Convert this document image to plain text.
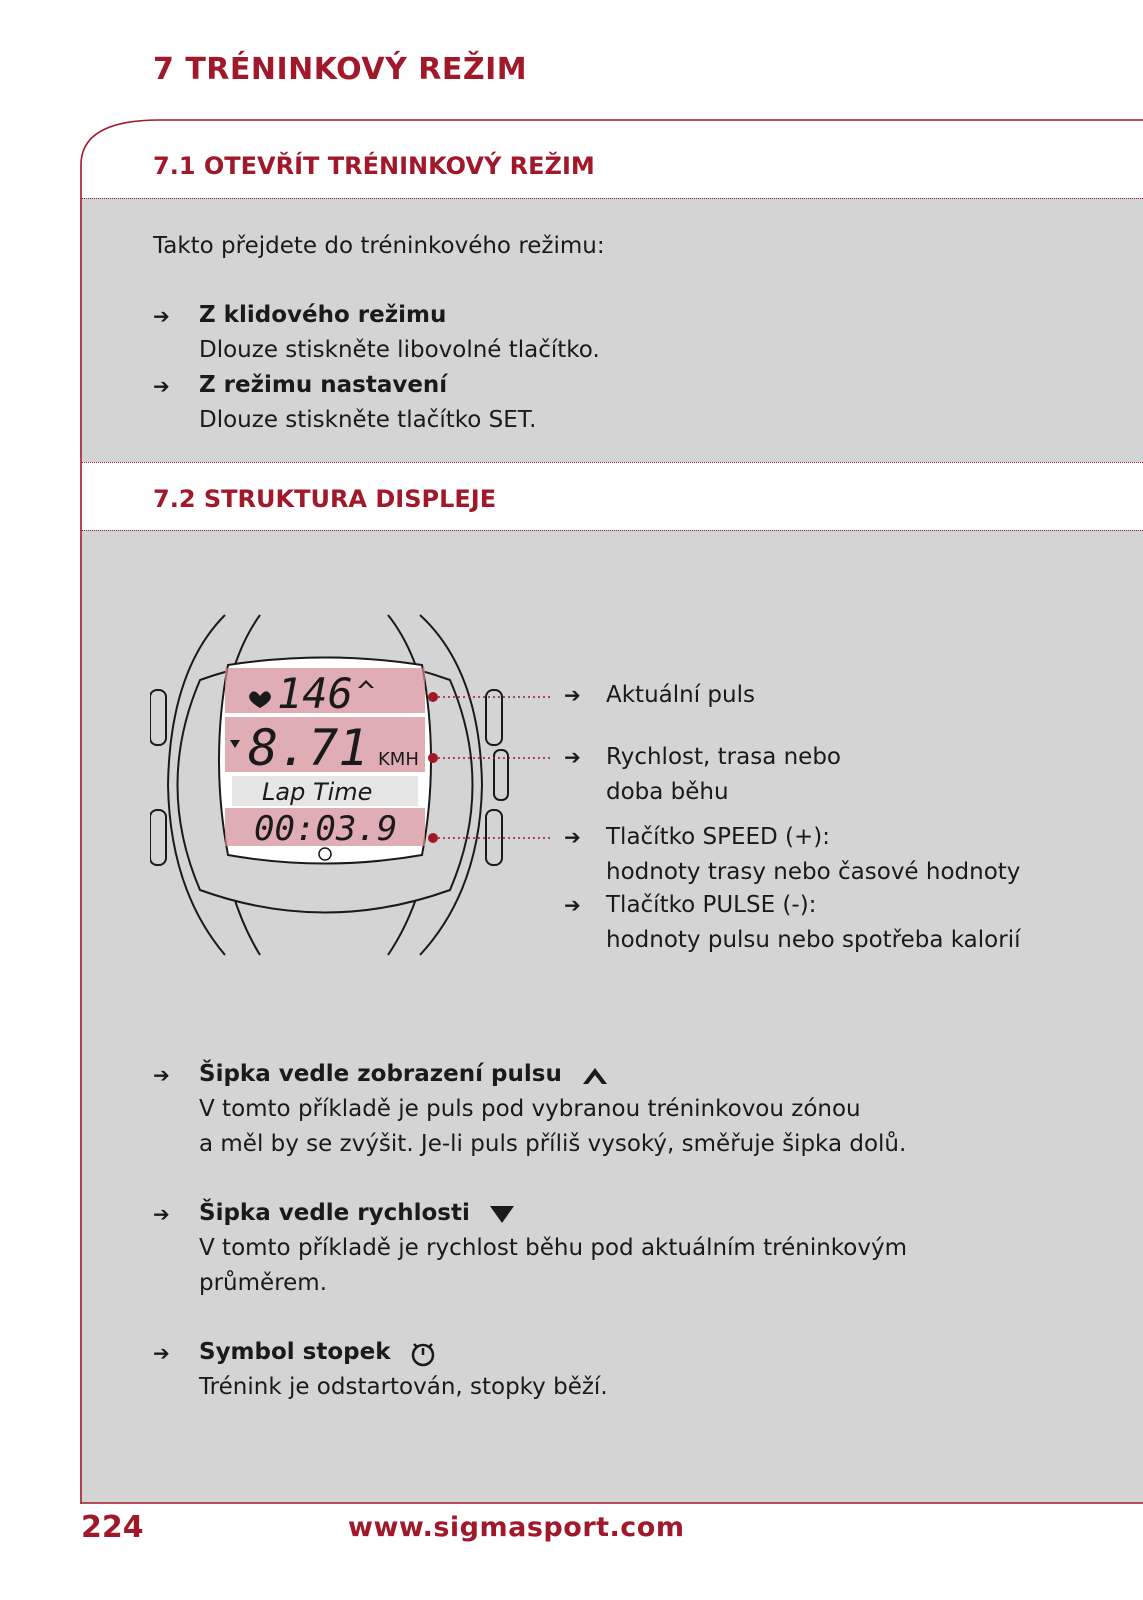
7 TRÉNINKOVÝ REŽIM
7.1 OTEVŘÍT TRÉNINKOVÝ REŽIM

Takto přejdete do tréninkového režimu:

➔ Z klidového režimu
Dlouze stiskněte libovolné tlačítko.
➔ Z režimu nastavení
Dlouze stiskněte tlačítko SET.
7.2 STRUKTURA DISPLEJE
146
8.71 KMH
Lap Time
00:03.9
➔ Aktuální puls
➔ Rychlost, trasa nebo
doba běhu
➔ Tlačítko SPEED (+):
hodnoty trasy nebo časové hodnoty
➔ Tlačítko PULSE (-):
hodnoty pulsu nebo spotřeba kalorií
➔ Šipka vedle zobrazení pulsu
V tomto příkladě je puls pod vybranou tréninkovou zónou
a měl by se zvýšit. Je-li puls příliš vysoký, směřuje šipka dolů.
➔ Šipka vedle rychlosti
V tomto příkladě je rychlost běhu pod aktuálním tréninkovým
průměrem.
➔ Symbol stopek
Trénink je odstartován, stopky běží.
224	www.sigmasport.com
